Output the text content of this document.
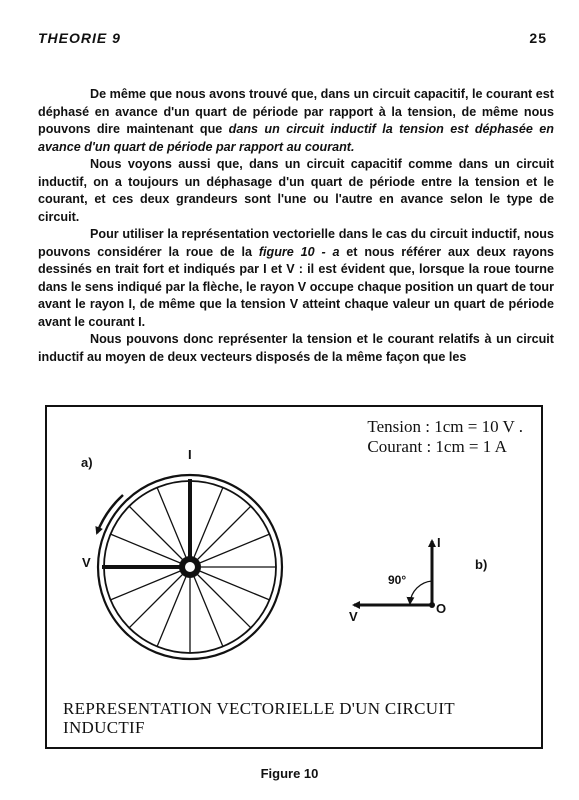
THEORIE 9	25

De même que nous avons trouvé que, dans un circuit capacitif, le courant est déphasé en avance d'un quart de période par rapport à la tension, de même nous pouvons dire maintenant que dans un circuit inductif la tension est déphasée en avance d'un quart de période par rapport au courant.

Nous voyons aussi que, dans un circuit capacitif comme dans un circuit inductif, on a toujours un déphasage d'un quart de période entre la tension et le courant, et ces deux grandeurs sont l'une ou l'autre en avance selon le type de circuit.

Pour utiliser la représentation vectorielle dans le cas du circuit inductif, nous pouvons considérer la roue de la figure 10 - a et nous référer aux deux rayons dessinés en trait fort et indiqués par I et V : il est évident que, lorsque la roue tourne dans le sens indiqué par la flèche, le rayon V occupe chaque position un quart de tour avant le rayon I, de même que la tension V atteint chaque valeur un quart de période avant le courant I.

Nous pouvons donc représenter la tension et le courant relatifs à un circuit inductif au moyen de deux vecteurs disposés de la même façon que les

Tension : 1cm = 10 V .
Courant : 1cm = 1 A
a)
I
V
I
90°
V
O
b)
REPRESENTATION VECTORIELLE D'UN CIRCUIT INDUCTIF
Figure 10
